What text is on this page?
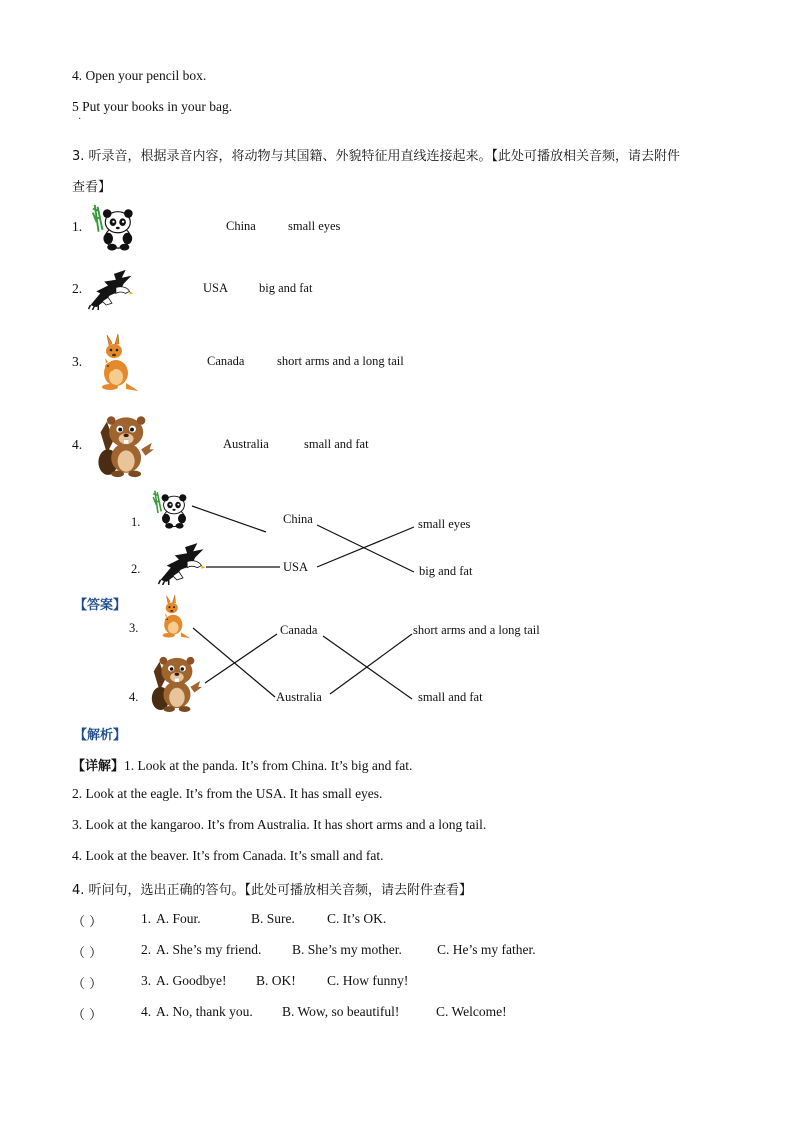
4. Open your pencil box.
5 Put your books in your bag.
·
3. 听录音，根据录音内容，将动物与其国籍、外貌特征用直线连接起来。【此处可播放相关音频，请去附件
查看】
1.	China	small eyes
2.	USA big and fat
3.	Canada	short arms and a long tail
4.	Australia	small and fat
1.
2.
【答案】
3.
4.
China
USA
Canada
Australia
small eyes
big and fat
short arms and a long tail
small and fat
【解析】
【详解】1. Look at the panda. It’s from China. It’s big and fat.
2. Look at the eagle. It’s from the USA. It has small eyes.
3. Look at the kangaroo. It’s from Australia. It has short arms and a long tail.
4. Look at the beaver. It’s from Canada. It’s small and fat.
4. 听问句，选出正确的答句。【此处可播放相关音频，请去附件查看】
（ ）	1. A. Four.	B. Sure. C. It’s OK.
（ ）	2. A. She’s my friend. B. She’s my mother.	C. He’s my father.
（ ）	3. A. Goodbye! B. OK! C. How funny!
（ ）	4. A. No, thank you. B. Wow, so beautiful!	C. Welcome!
